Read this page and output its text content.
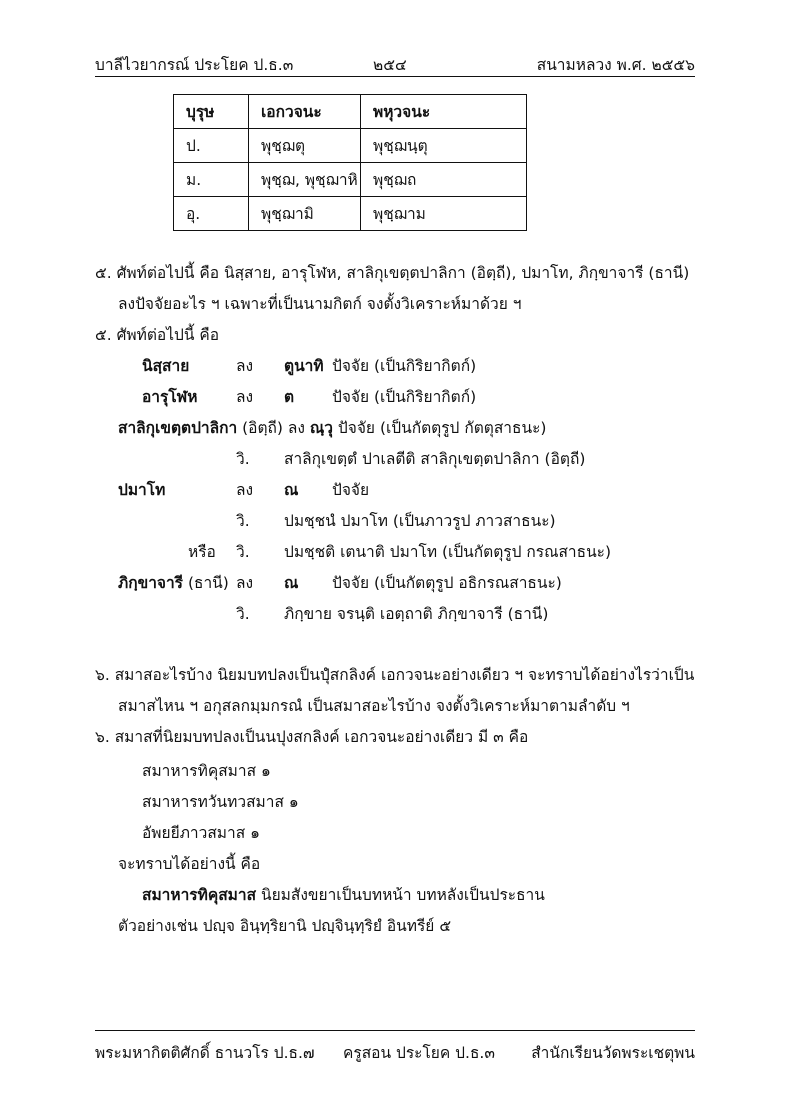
บาลีไวยากรณ์ ประโยค ป.ธ.๓	๒๕๔	สนามหลวง พ.ศ. ๒๕๕๖
บุรุษ	เอกวจนะ	พหุวจนะ
ป.	พุชฺฌตุ	พุชฺฌนฺตุ
ม.	พุชฺฌ, พุชฺฌาหิ	พุชฺฌถ
อุ.	พุชฺฌามิ	พุชฺฌาม
๕. ศัพท์ต่อไปนี้ คือ นิสฺสาย, อารุโฬห, สาลิกุเขตฺตปาลิกา (อิตฺถี), ปมาโท, ภิกฺขาจารี (ธานี)
ลงปัจจัยอะไร ฯ เฉพาะที่เป็นนามกิตก์ จงตั้งวิเคราะห์มาด้วย ฯ
๕. ศัพท์ต่อไปนี้ คือ
นิสฺสาย	ลง ตูนาทิ ปัจจัย (เป็นกิริยากิตก์)
อารุโฬห ลง ต ปัจจัย (เป็นกิริยากิตก์)
สาลิกุเขตฺตปาลิกา (อิตฺถี) ลง ณฺวุ ปัจจัย (เป็นกัตตุรูป กัตตุสาธนะ)
วิ. สาลิกุเขตฺตํ ปาเลตีติ สาลิกุเขตฺตปาลิกา (อิตฺถี)
ปมาโท	ลง ณ ปัจจัย
วิ. ปมชฺชนํ ปมาโท (เป็นภาวรูป ภาวสาธนะ)
หรือ วิ. ปมชฺชติ เตนาติ ปมาโท (เป็นกัตตุรูป กรณสาธนะ)
ภิกฺขาจารี (ธานี) ลง ณ ปัจจัย (เป็นกัตตุรูป อธิกรณสาธนะ)
วิ. ภิกฺขาย จรนฺติ เอตฺถาติ ภิกฺขาจารี (ธานี)
๖. สมาสอะไรบ้าง นิยมบทปลงเป็นปุํสกลิงค์ เอกวจนะอย่างเดียว ฯ จะทราบได้อย่างไรว่าเป็น
สมาสไหน ฯ อกุสลกมฺมกรณํ เป็นสมาสอะไรบ้าง จงตั้งวิเคราะห์มาตามลำดับ ฯ
๖. สมาสที่นิยมบทปลงเป็นนปุงสกลิงค์ เอกวจนะอย่างเดียว มี ๓ คือ
สมาหารทิคุสมาส ๑
สมาหารทวันทวสมาส ๑
อัพยยีภาวสมาส ๑
จะทราบได้อย่างนี้ คือ
สมาหารทิคุสมาส นิยมสังขยาเป็นบทหน้า บทหลังเป็นประธาน
ตัวอย่างเช่น ปญฺจ อินฺทฺริยานิ ปญฺจินฺทฺริยํ อินทรีย์ ๕
พระมหากิตติศักดิ์ ธานวโร ป.ธ.๗ ครูสอน ประโยค ป.ธ.๓ สำนักเรียนวัดพระเชตุพน
